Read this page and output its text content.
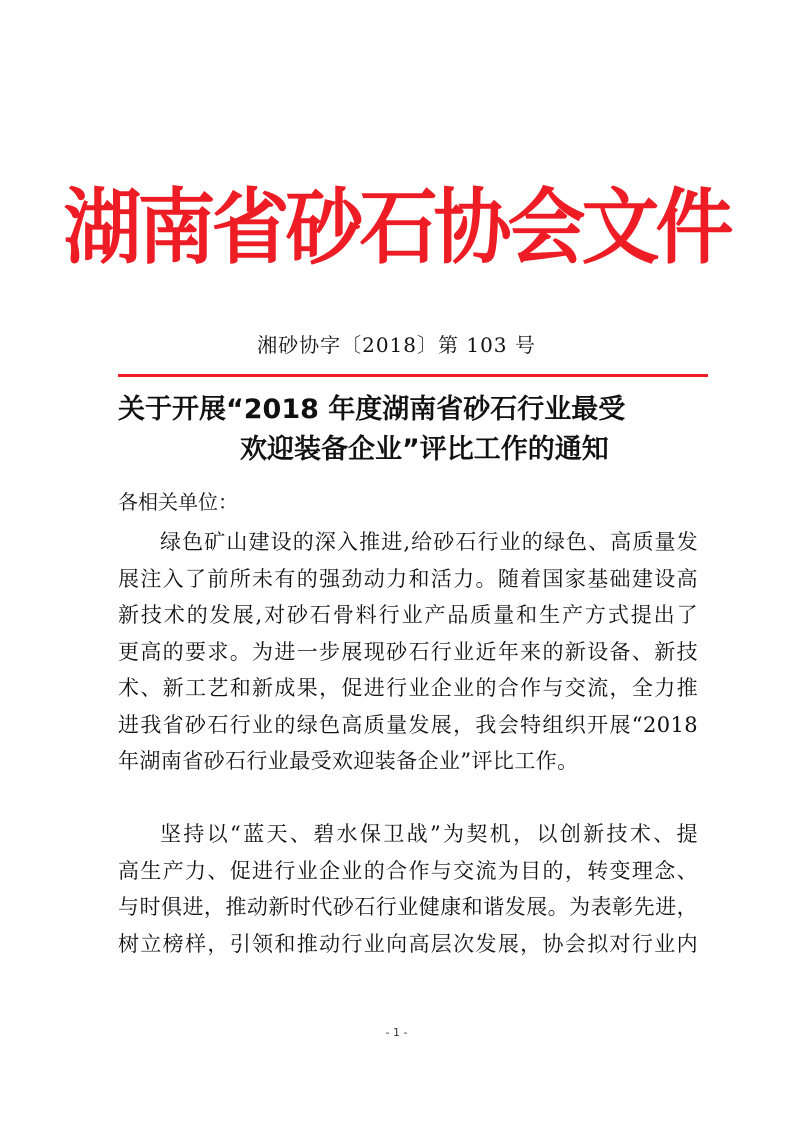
湖南省砂石协会文件
湘砂协字〔2018〕第 103 号
关于开展“2018 年度湖南省砂石行业最受
欢迎装备企业”评比工作的通知
各相关单位：
绿色矿山建设的深入推进,给砂石行业的绿色、高质量发
展注入了前所未有的强劲动力和活力。随着国家基础建设高
新技术的发展,对砂石骨料行业产品质量和生产方式提出了
更高的要求。为进一步展现砂石行业近年来的新设备、新技
术、新工艺和新成果，促进行业企业的合作与交流，全力推
进我省砂石行业的绿色高质量发展，我会特组织开展“2018
年湖南省砂石行业最受欢迎装备企业”评比工作。
坚持以“蓝天、碧水保卫战”为契机，以创新技术、提
高生产力、促进行业企业的合作与交流为目的，转变理念、
与时俱进，推动新时代砂石行业健康和谐发展。为表彰先进，
树立榜样，引领和推动行业向高层次发展，协会拟对行业内
- 1 -
